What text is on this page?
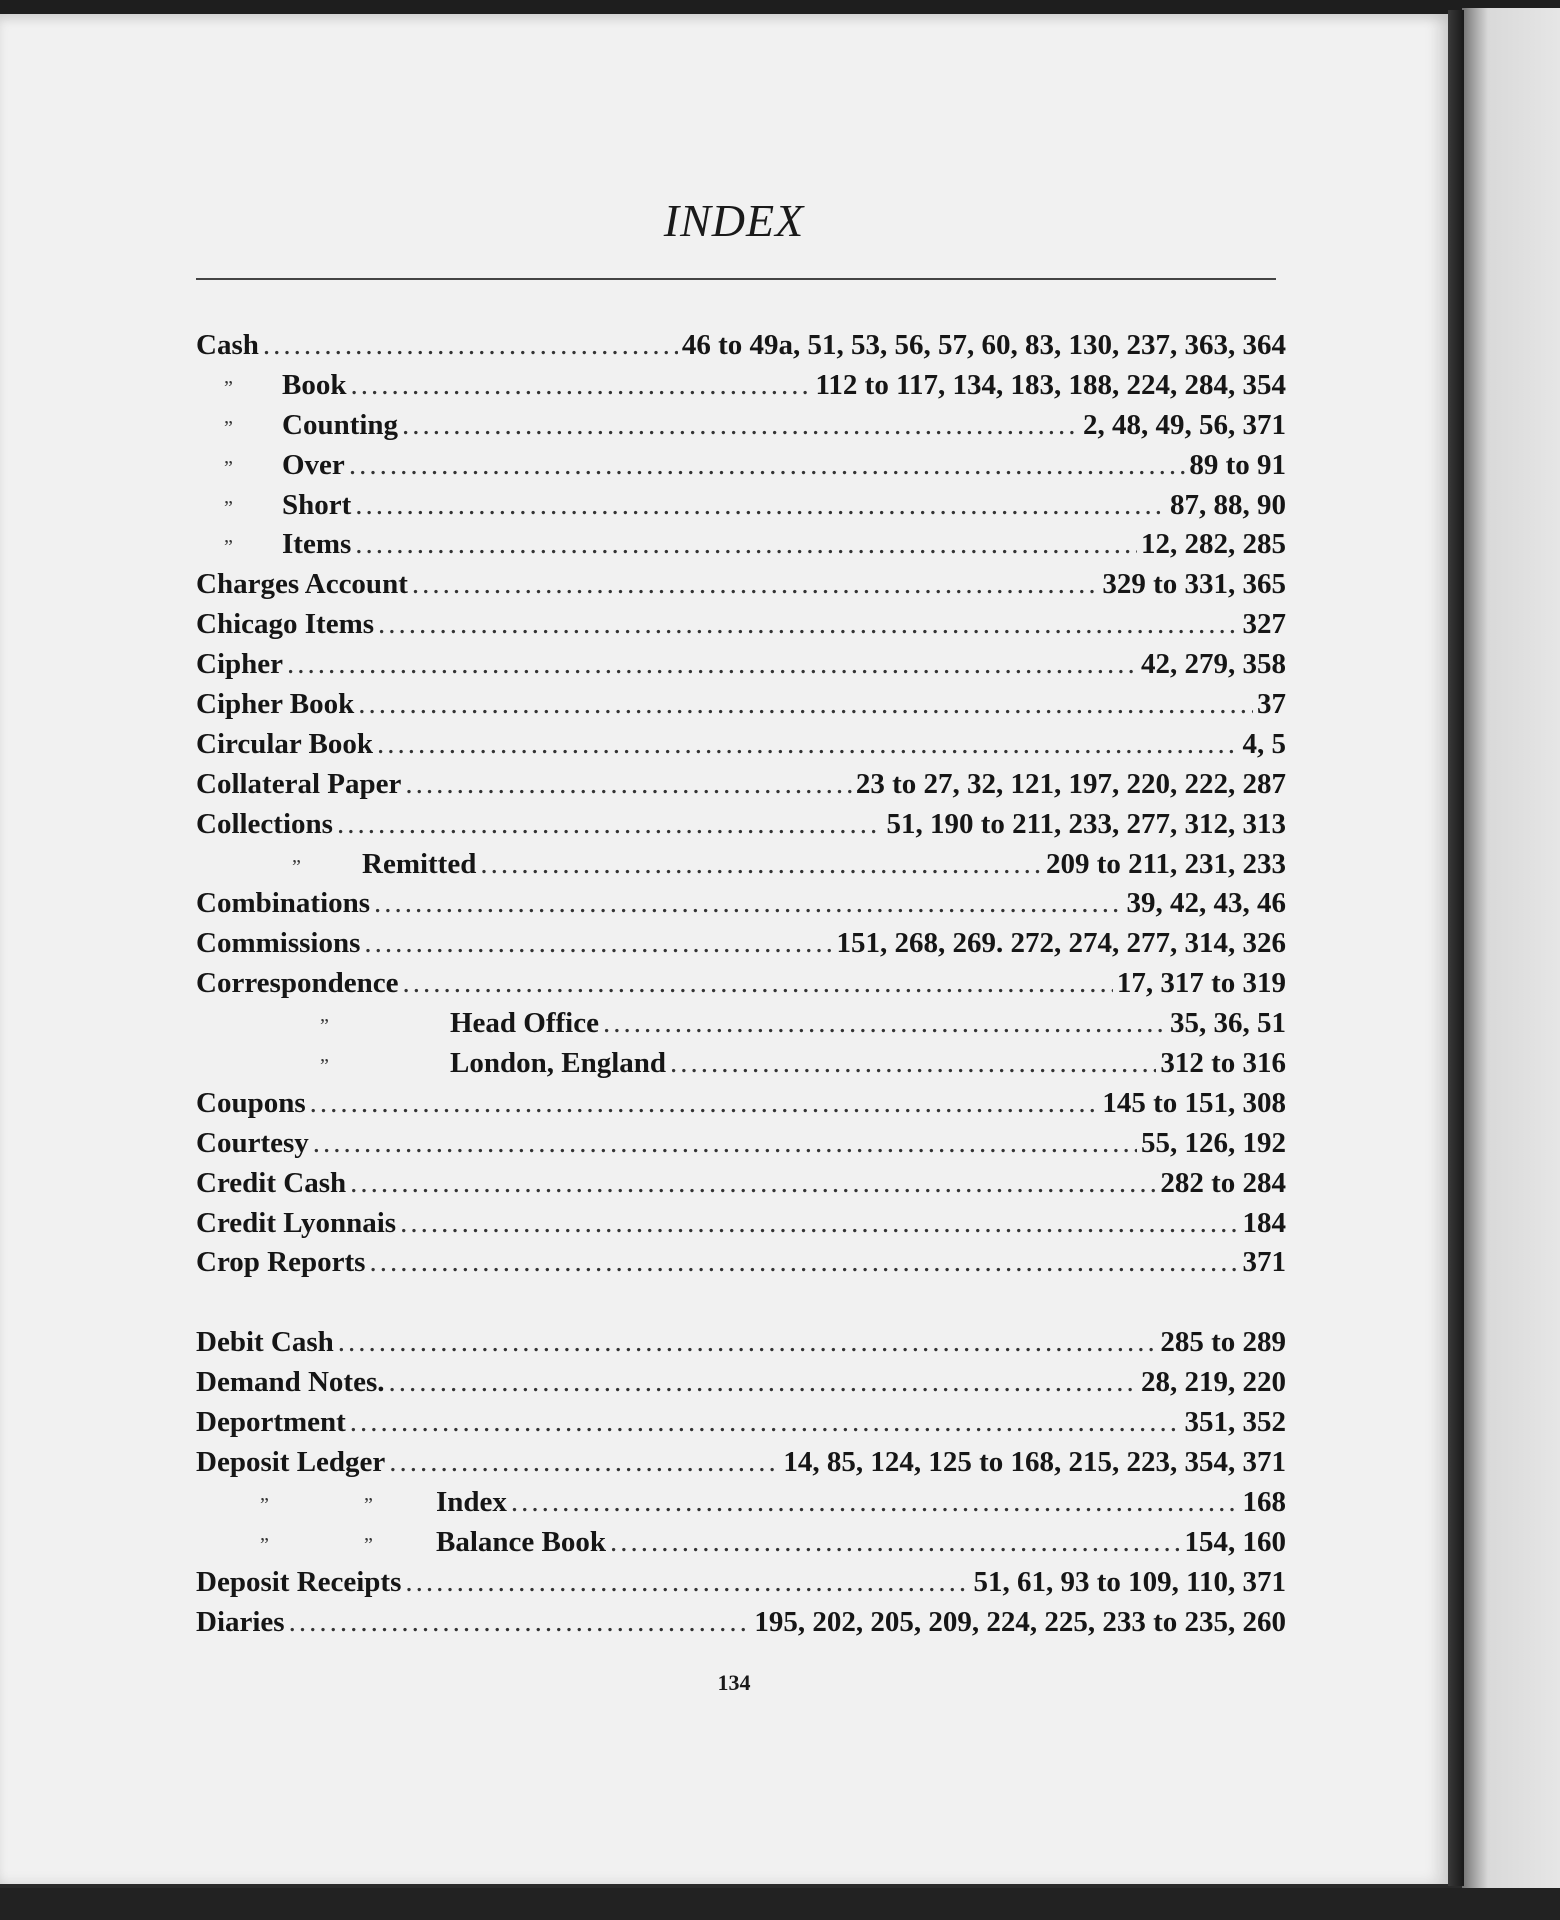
INDEX
Cash .....	46 to 49a, 51, 53, 56, 57, 60, 83, 130, 237, 363, 364
” Book .....	112 to 117, 134, 183, 188, 224, 284, 354
” Counting .....	2, 48, 49, 56, 371
” Over .....	89 to 91
” Short .....	87, 88, 90
” Items .....	12, 282, 285
Charges Account .....	329 to 331, 365
Chicago Items .....	327
Cipher .....	42, 279, 358
Cipher Book .....	37
Circular Book .....	4, 5
Collateral Paper .....	23 to 27, 32, 121, 197, 220, 222, 287
Collections .....	51, 190 to 211, 233, 277, 312, 313
” Remitted .....	209 to 211, 231, 233
Combinations .....	39, 42, 43, 46
Commissions .....	151, 268, 269. 272, 274, 277, 314, 326
Correspondence .....	17, 317 to 319
”	Head Office .....	35, 36, 51
”	London, England .....	312 to 316
Coupons .....	145 to 151, 308
Courtesy .....	55, 126, 192
Credit Cash .....	282 to 284
Credit Lyonnais .....	184
Crop Reports .....	371
Debit Cash .....	285 to 289
Demand Notes. .....	28, 219, 220
Deportment .....	351, 352
Deposit Ledger .....	14, 85, 124, 125 to 168, 215, 223, 354, 371
”	” Index .....	168
”	” Balance Book .....	154, 160
Deposit Receipts .....	51, 61, 93 to 109, 110, 371
Diaries .....	195, 202, 205, 209, 224, 225, 233 to 235, 260
134
